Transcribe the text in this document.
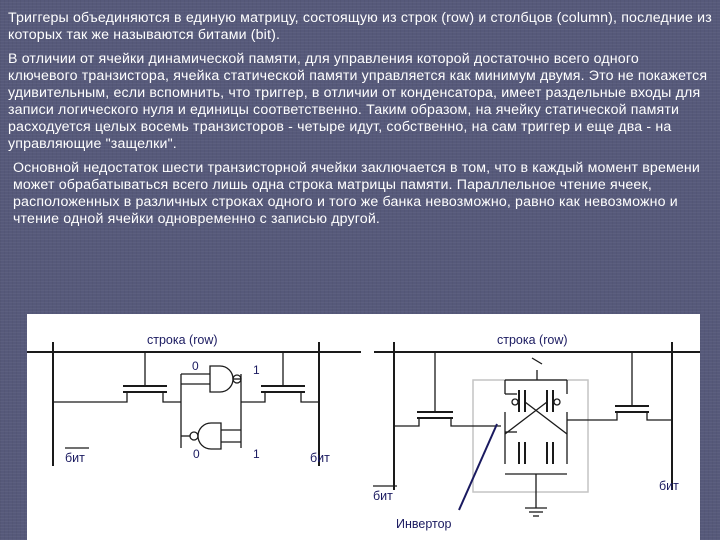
Триггеры объединяются в единую матрицу, состоящую из строк (row) и столбцов (column), последние из которых так же называются битами (bit).

В отличии от ячейки динамической памяти, для управления которой достаточно всего одного ключевого транзистора, ячейка статической памяти управляется как минимум двумя. Это не покажется удивительным, если вспомнить, что триггер, в отличии от конденсатора, имеет раздельные входы для записи логического нуля и единицы соответственно. Таким образом, на ячейку статической памяти расходуется целых восемь транзисторов - четыре идут, собственно, на сам триггер и еще два - на управляющие "защелки".

Основной недостаток шести транзисторной ячейки заключается в том, что в каждый момент времени может обрабатываться всего лишь одна строка матрицы памяти. Параллельное чтение ячеек, расположенных в различных строках одного и того же банка невозможно, равно как невозможно и чтение одной ячейки одновременно с записью другой.

строка (row)
0	1
0	1
бит	бит
строка (row)
Инвертор
бит
бит
